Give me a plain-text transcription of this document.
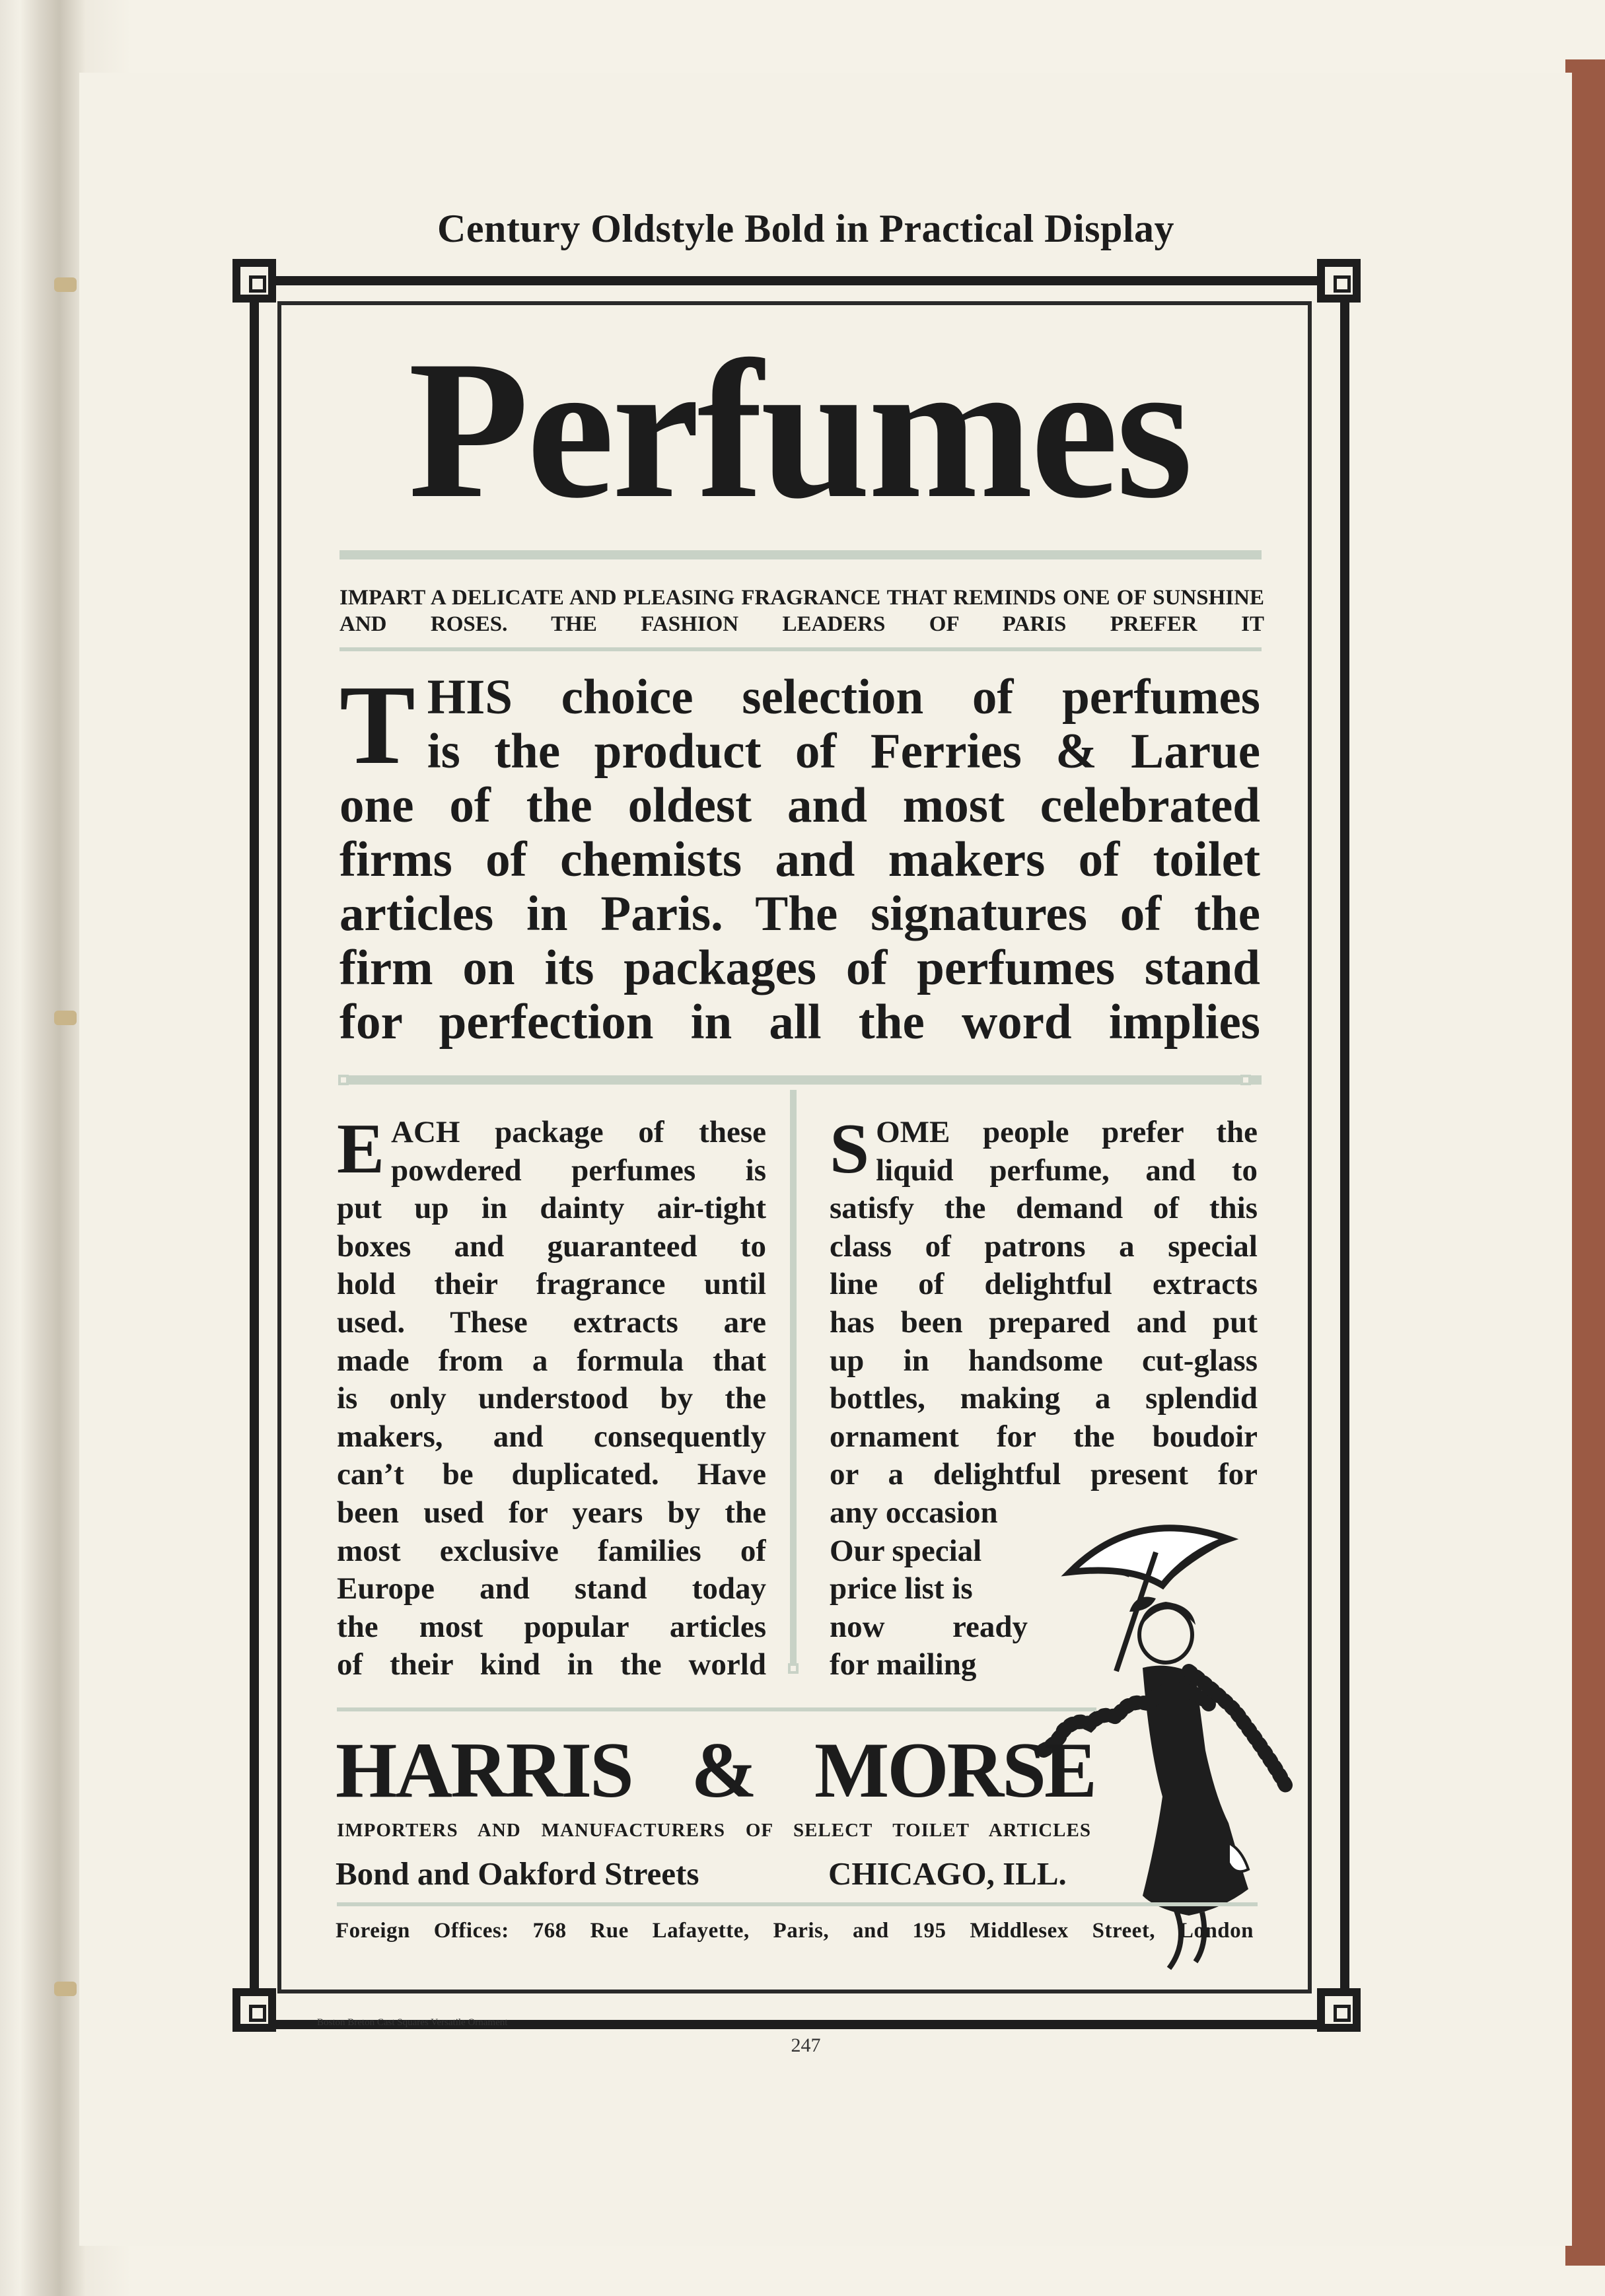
Century Oldstyle Bold in Practical Display

Perfumes
IMPART A DELICATE AND PLEASING FRAGRANCE THAT REMINDS ONE OF SUNSHINE AND ROSES. THE FASHION LEADERS OF PARIS PREFER IT
T HIS choice selection of perfumes
is the product of Ferries & Larue
one of the oldest and most celebrated
firms of chemists and makers of toilet
articles in Paris. The signatures of the
firm on its packages of perfumes stand
for perfection in all the word implies
E ACH package of these
powdered perfumes is
put up in dainty air-tight
boxes and guaranteed to
hold their fragrance until
used. These extracts are
made from a formula that
is only understood by the
makers, and consequently
can’t be duplicated. Have
been used for years by the
most exclusive families of
Europe and stand today
the most popular articles
of their kind in the world
S OME people prefer the
liquid perfume, and to
satisfy the demand of this
class of patrons a special
line of delightful extracts
has been prepared and put
up in handsome cut-glass
bottles, making a splendid
ornament for the boudoir
or a delightful present for
any occasion
Our special
price list is
now ready
for mailing
HARRIS & MORSE
IMPORTERS AND MANUFACTURERS OF SELECT TOILET ARTICLES
Bond and Oakford Streets	CHICAGO, ILL.
Foreign Offices: 768 Rue Lafayette, Paris, and 195 Middlesex Street, London
Boston Breton Cast Squares Versatile Ornament
247
